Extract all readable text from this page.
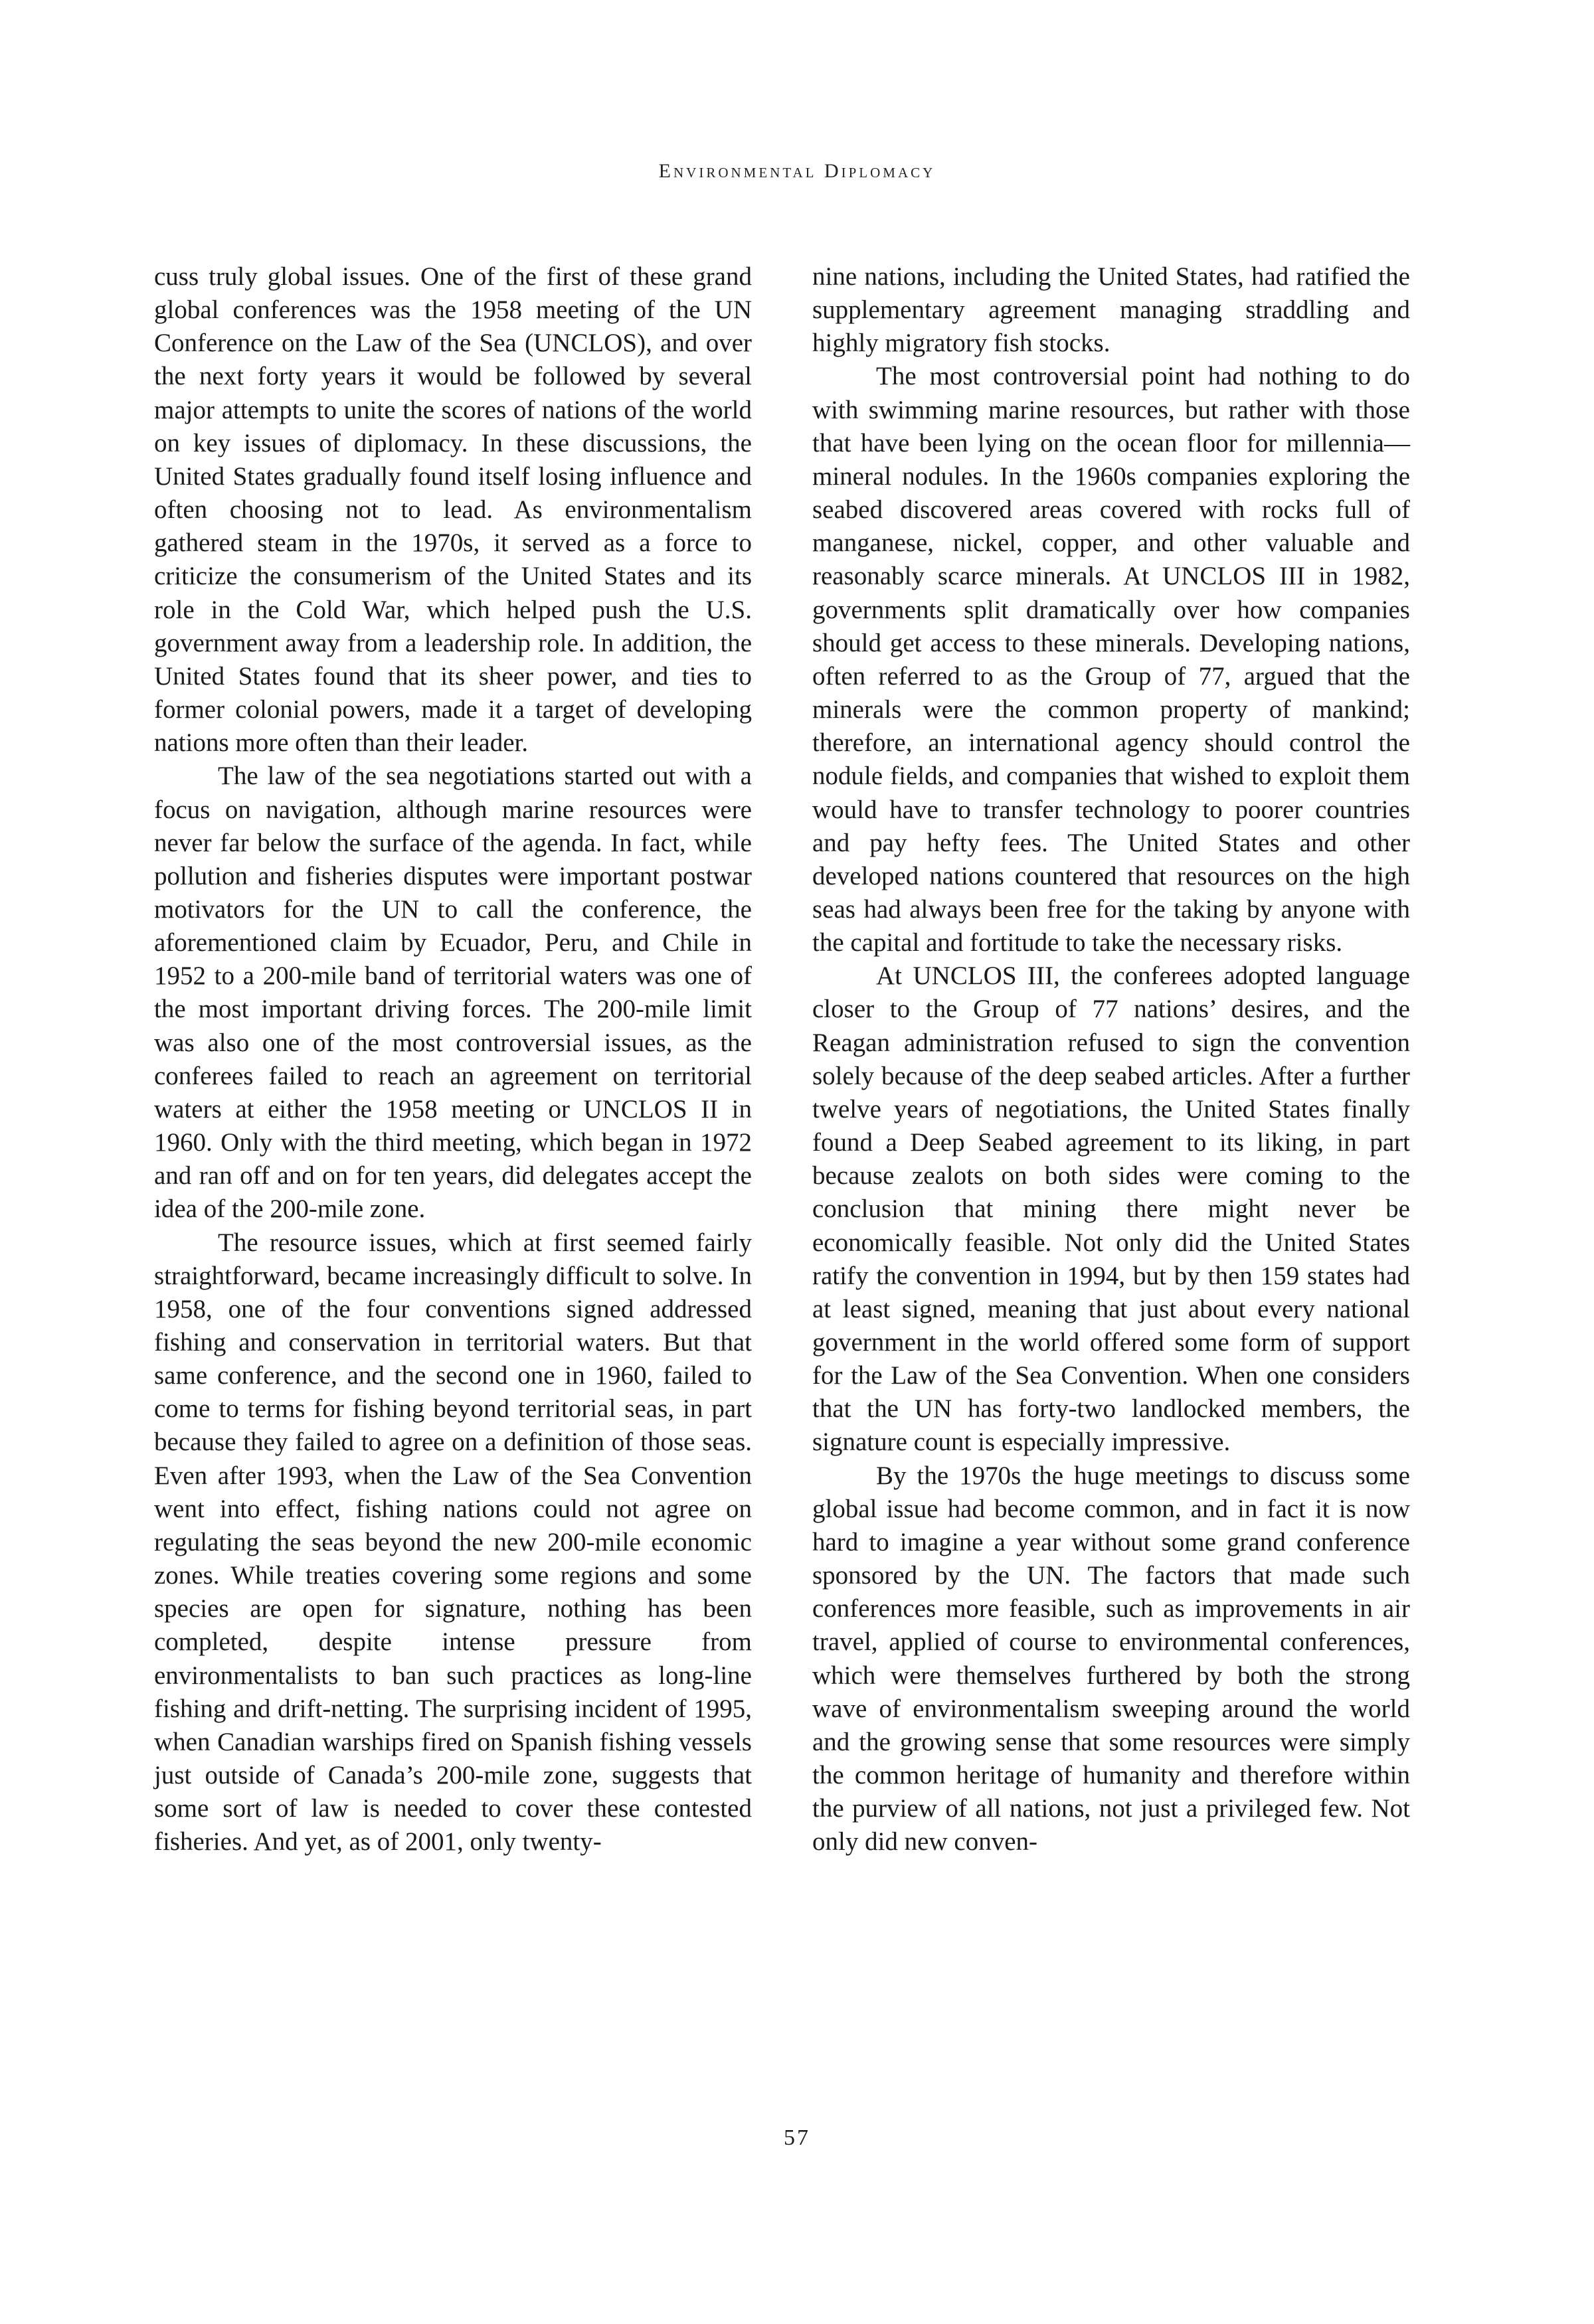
Environmental Diplomacy

cuss truly global issues. One of the first of these grand global conferences was the 1958 meeting of the UN Conference on the Law of the Sea (UNCLOS), and over the next forty years it would be followed by several major attempts to unite the scores of nations of the world on key issues of diplomacy. In these discussions, the United States gradually found itself losing influence and often choosing not to lead. As environmentalism gathered steam in the 1970s, it served as a force to criticize the consumerism of the United States and its role in the Cold War, which helped push the U.S. government away from a leadership role. In addition, the United States found that its sheer power, and ties to former colonial powers, made it a target of developing nations more often than their leader.

The law of the sea negotiations started out with a focus on navigation, although marine resources were never far below the surface of the agenda. In fact, while pollution and fisheries disputes were important postwar motivators for the UN to call the conference, the aforementioned claim by Ecuador, Peru, and Chile in 1952 to a 200-mile band of territorial waters was one of the most important driving forces. The 200-mile limit was also one of the most controversial issues, as the conferees failed to reach an agreement on territorial waters at either the 1958 meeting or UNCLOS II in 1960. Only with the third meeting, which began in 1972 and ran off and on for ten years, did delegates accept the idea of the 200-mile zone.

The resource issues, which at first seemed fairly straightforward, became increasingly difficult to solve. In 1958, one of the four conventions signed addressed fishing and conservation in territorial waters. But that same conference, and the second one in 1960, failed to come to terms for fishing beyond territorial seas, in part because they failed to agree on a definition of those seas. Even after 1993, when the Law of the Sea Convention went into effect, fishing nations could not agree on regulating the seas beyond the new 200-mile economic zones. While treaties covering some regions and some species are open for signature, nothing has been completed, despite intense pressure from environmentalists to ban such practices as long-line fishing and drift-netting. The surprising incident of 1995, when Canadian warships fired on Spanish fishing vessels just outside of Canada’s 200-mile zone, suggests that some sort of law is needed to cover these contested fisheries. And yet, as of 2001, only twenty-

nine nations, including the United States, had ratified the supplementary agreement managing straddling and highly migratory fish stocks.

The most controversial point had nothing to do with swimming marine resources, but rather with those that have been lying on the ocean floor for millennia—mineral nodules. In the 1960s companies exploring the seabed discovered areas covered with rocks full of manganese, nickel, copper, and other valuable and reasonably scarce minerals. At UNCLOS III in 1982, governments split dramatically over how companies should get access to these minerals. Developing nations, often referred to as the Group of 77, argued that the minerals were the common property of mankind; therefore, an international agency should control the nodule fields, and companies that wished to exploit them would have to transfer technology to poorer countries and pay hefty fees. The United States and other developed nations countered that resources on the high seas had always been free for the taking by anyone with the capital and fortitude to take the necessary risks.

At UNCLOS III, the conferees adopted language closer to the Group of 77 nations’ desires, and the Reagan administration refused to sign the convention solely because of the deep seabed articles. After a further twelve years of negotiations, the United States finally found a Deep Seabed agreement to its liking, in part because zealots on both sides were coming to the conclusion that mining there might never be economically feasible. Not only did the United States ratify the convention in 1994, but by then 159 states had at least signed, meaning that just about every national government in the world offered some form of support for the Law of the Sea Convention. When one considers that the UN has forty-two landlocked members, the signature count is especially impressive.

By the 1970s the huge meetings to discuss some global issue had become common, and in fact it is now hard to imagine a year without some grand conference sponsored by the UN. The factors that made such conferences more feasible, such as improvements in air travel, applied of course to environmental conferences, which were themselves furthered by both the strong wave of environmentalism sweeping around the world and the growing sense that some resources were simply the common heritage of humanity and therefore within the purview of all nations, not just a privileged few. Not only did new conven-

57
